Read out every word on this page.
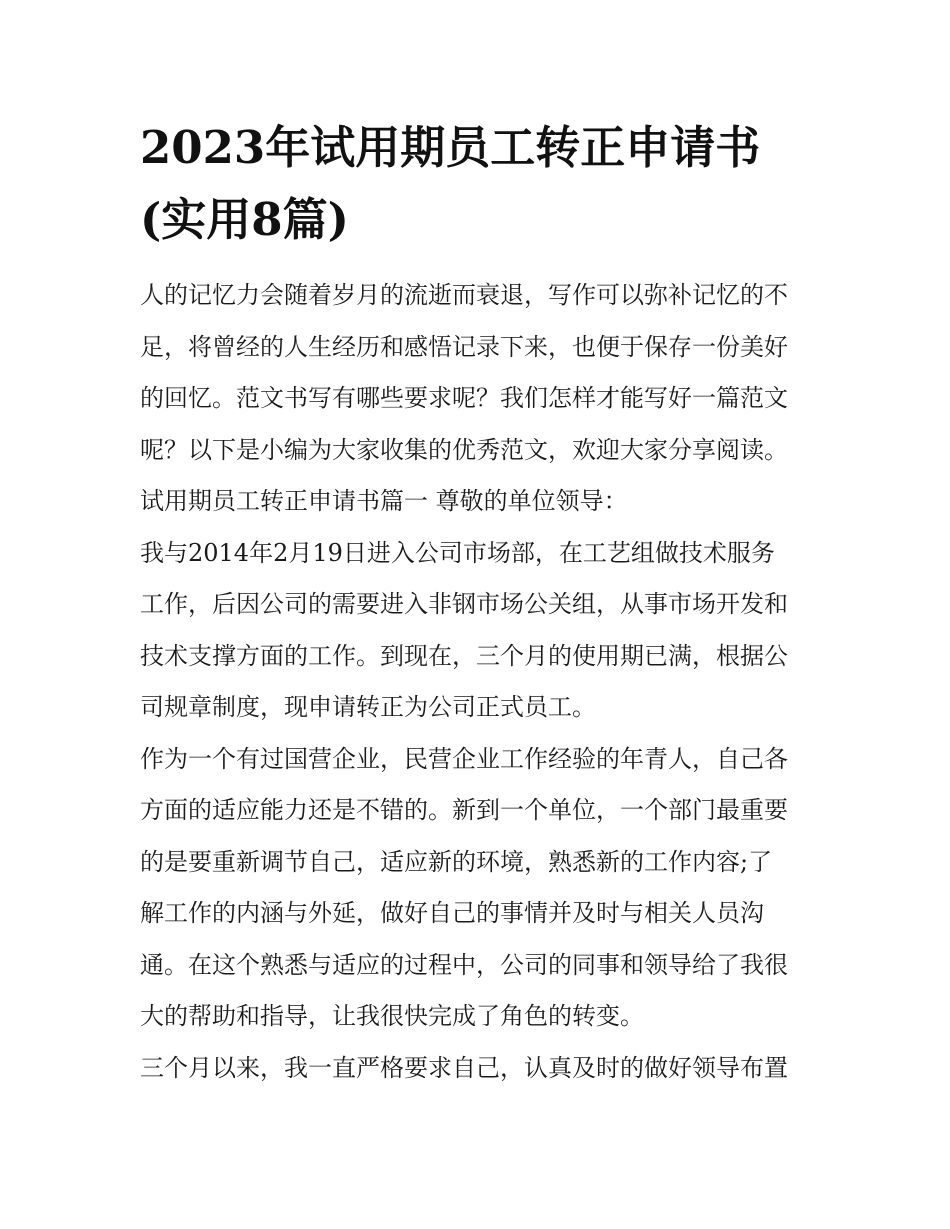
2023年试用期员工转正申请书
(实用8篇)
人的记忆力会随着岁月的流逝而衰退，写作可以弥补记忆的不
足，将曾经的人生经历和感悟记录下来，也便于保存一份美好
的回忆。范文书写有哪些要求呢？我们怎样才能写好一篇范文
呢？以下是小编为大家收集的优秀范文，欢迎大家分享阅读。
试用期员工转正申请书篇一 尊敬的单位领导：
我与2014年2月19日进入公司市场部，在工艺组做技术服务
工作，后因公司的需要进入非钢市场公关组，从事市场开发和
技术支撑方面的工作。到现在，三个月的使用期已满，根据公
司规章制度，现申请转正为公司正式员工。
作为一个有过国营企业，民营企业工作经验的年青人，自己各
方面的适应能力还是不错的。新到一个单位，一个部门最重要
的是要重新调节自己，适应新的环境，熟悉新的工作内容;了
解工作的内涵与外延，做好自己的事情并及时与相关人员沟
通。在这个熟悉与适应的过程中，公司的同事和领导给了我很
大的帮助和指导，让我很快完成了角色的转变。
三个月以来，我一直严格要求自己，认真及时的做好领导布置
